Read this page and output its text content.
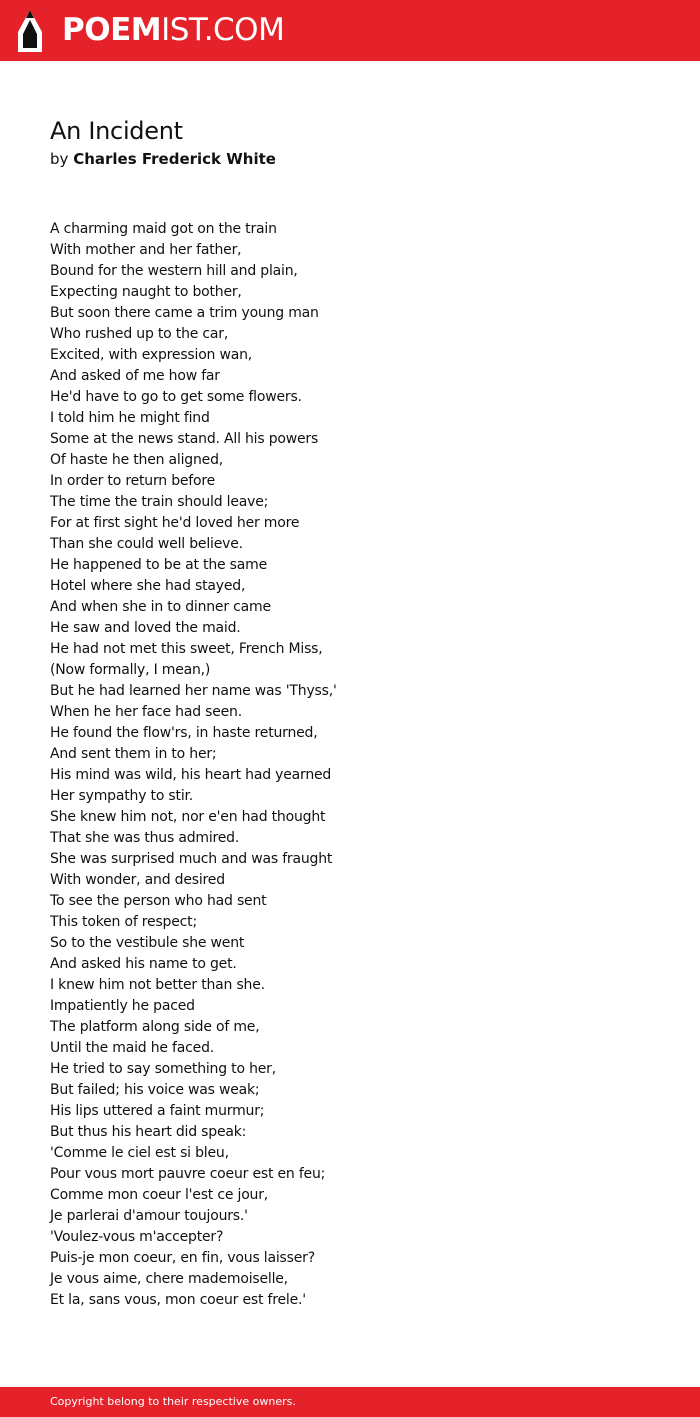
POEMIST.COM
An Incident
by Charles Frederick White
A charming maid got on the train
With mother and her father,
Bound for the western hill and plain,
Expecting naught to bother,
But soon there came a trim young man
Who rushed up to the car,
Excited, with expression wan,
And asked of me how far
He'd have to go to get some flowers.
I told him he might find
Some at the news stand. All his powers
Of haste he then aligned,
In order to return before
The time the train should leave;
For at first sight he'd loved her more
Than she could well believe.
He happened to be at the same
Hotel where she had stayed,
And when she in to dinner came
He saw and loved the maid.
He had not met this sweet, French Miss,
(Now formally, I mean,)
But he had learned her name was 'Thyss,'
When he her face had seen.
He found the flow'rs, in haste returned,
And sent them in to her;
His mind was wild, his heart had yearned
Her sympathy to stir.
She knew him not, nor e'en had thought
That she was thus admired.
She was surprised much and was fraught
With wonder, and desired
To see the person who had sent
This token of respect;
So to the vestibule she went
And asked his name to get.
I knew him not better than she.
Impatiently he paced
The platform along side of me,
Until the maid he faced.
He tried to say something to her,
But failed; his voice was weak;
His lips uttered a faint murmur;
But thus his heart did speak:
'Comme le ciel est si bleu,
Pour vous mort pauvre coeur est en feu;
Comme mon coeur l'est ce jour,
Je parlerai d'amour toujours.'
'Voulez-vous m'accepter?
Puis-je mon coeur, en fin, vous laisser?
Je vous aime, chere mademoiselle,
Et la, sans vous, mon coeur est frele.'
Copyright belong to their respective owners.
